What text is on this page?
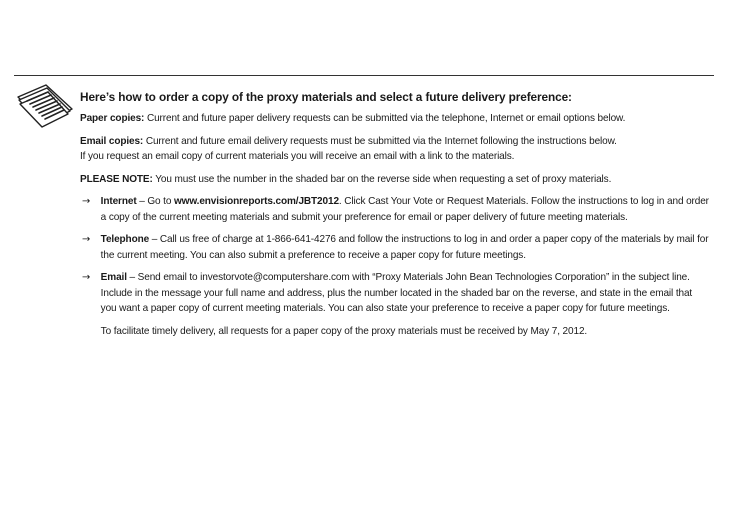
Here’s how to order a copy of the proxy materials and select a future delivery preference:

Paper copies: Current and future paper delivery requests can be submitted via the telephone, Internet or email options below.

Email copies: Current and future email delivery requests must be submitted via the Internet following the instructions below.
If you request an email copy of current materials you will receive an email with a link to the materials.

PLEASE NOTE: You must use the number in the shaded bar on the reverse side when requesting a set of proxy materials.

→ Internet – Go to www.envisionreports.com/JBT2012. Click Cast Your Vote or Request Materials. Follow the instructions to log in and order a copy of the current meeting materials and submit your preference for email or paper delivery of future meeting materials.
→ Telephone – Call us free of charge at 1-866-641-4276 and follow the instructions to log in and order a paper copy of the materials by mail for the current meeting. You can also submit a preference to receive a paper copy for future meetings.
→ Email – Send email to investorvote@computershare.com with “Proxy Materials John Bean Technologies Corporation” in the subject line. Include in the message your full name and address, plus the number located in the shaded bar on the reverse, and state in the email that you want a paper copy of current meeting materials. You can also state your preference to receive a paper copy for future meetings.
To facilitate timely delivery, all requests for a paper copy of the proxy materials must be received by May 7, 2012.
